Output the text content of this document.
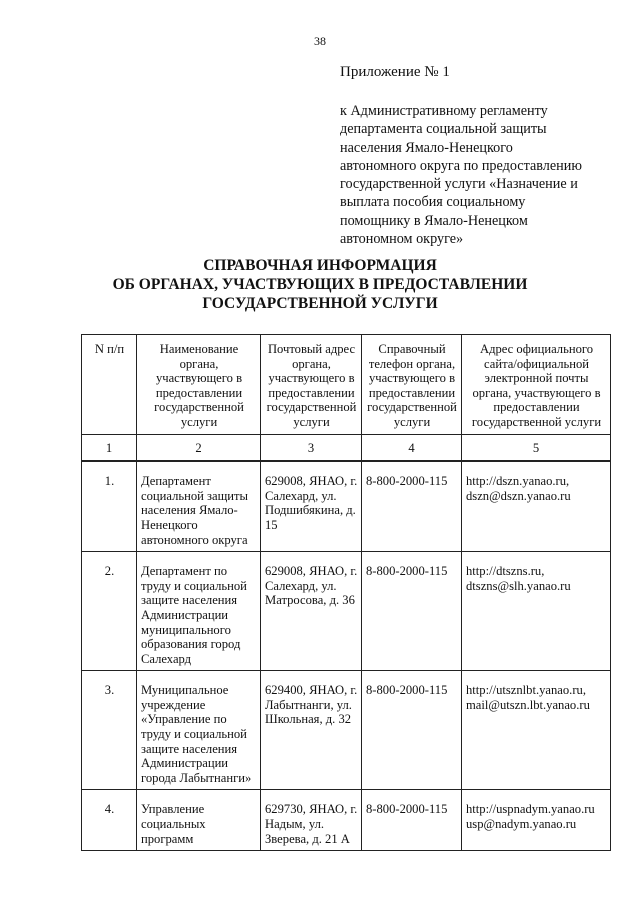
38
Приложение № 1
к Административному регламенту
департамента социальной защиты
населения Ямало-Ненецкого
автономного округа по предоставлению
государственной услуги «Назначение и
выплата пособия социальному
помощнику в Ямало-Ненецком
автономном округе»
СПРАВОЧНАЯ ИНФОРМАЦИЯ
ОБ ОРГАНАХ, УЧАСТВУЮЩИХ В ПРЕДОСТАВЛЕНИИ
ГОСУДАРСТВЕННОЙ УСЛУГИ
N п/п	Наименование органа, участвующего в предоставлении государственной услуги	Почтовый адрес органа, участвующего в предоставлении государственной услуги	Справочный телефон органа, участвующего в предоставлении государственной услуги	Адрес официального сайта/официальной электронной почты органа, участвующего в предоставлении государственной услуги
1	2	3	4	5
1.	Департамент социальной защиты населения Ямало-Ненецкого автономного округа	629008, ЯНАО, г. Салехард, ул. Подшибякина, д. 15	8-800-2000-115	http://dszn.yanao.ru, dszn@dszn.yanao.ru
2.	Департамент по труду и социальной защите населения Администрации муниципального образования город Салехард	629008, ЯНАО, г. Салехард, ул. Матросова, д. 36	8-800-2000-115	http://dtszns.ru, dtszns@slh.yanao.ru
3.	Муниципальное учреждение «Управление по труду и социальной защите населения Администрации города Лабытнанги»	629400, ЯНАО, г. Лабытнанги, ул. Школьная, д. 32	8-800-2000-115	http://utsznlbt.yanao.ru, mail@utszn.lbt.yanao.ru
4.	Управление социальных программ	629730, ЯНАО, г. Надым, ул. Зверева, д. 21 А	8-800-2000-115	http://uspnadym.yanao.ru usp@nadym.yanao.ru
